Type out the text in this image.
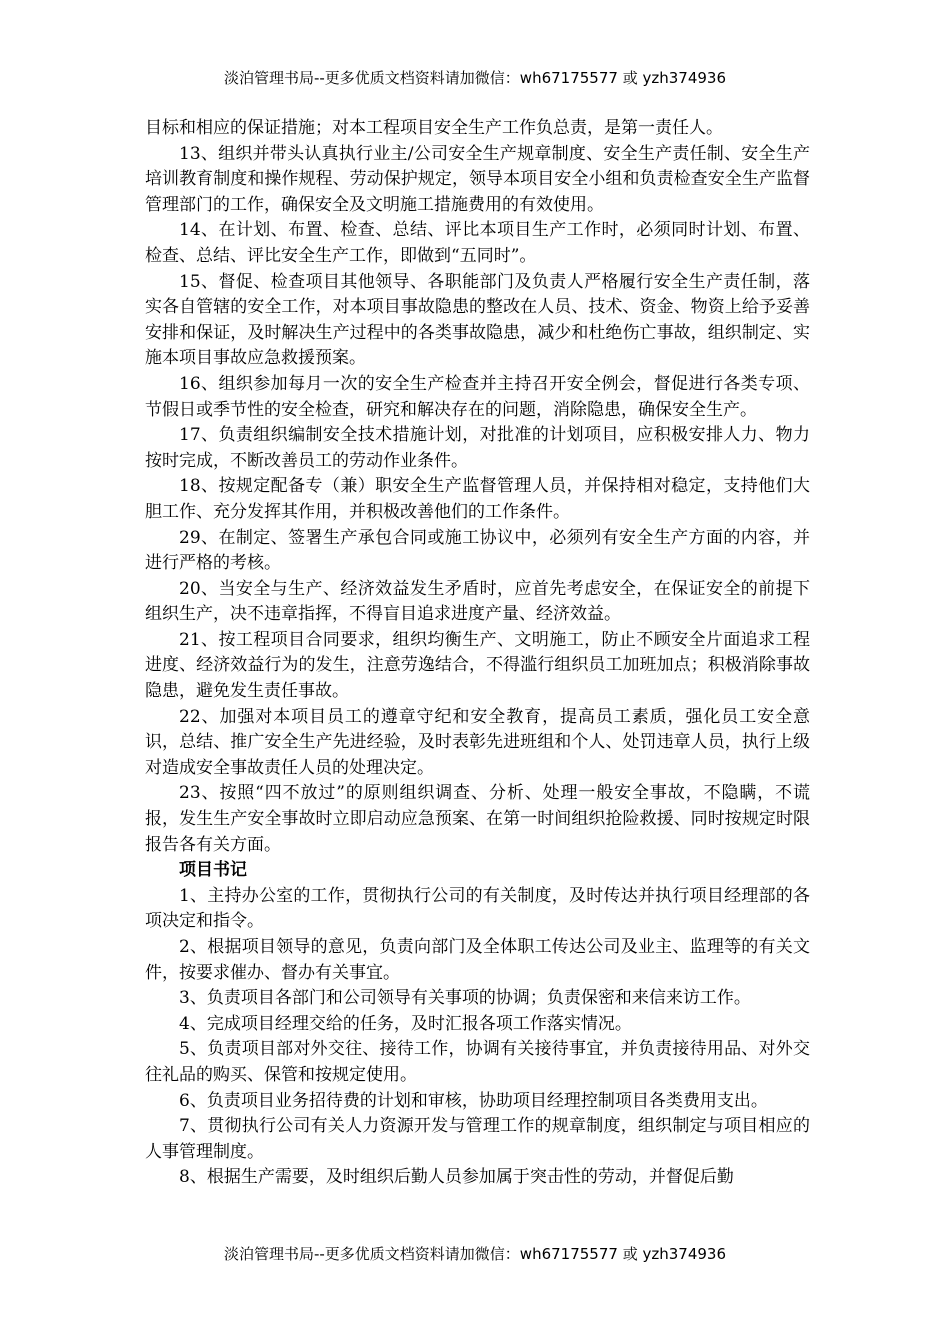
淡泊管理书局--更多优质文档资料请加微信：wh67175577 或 yzh374936

目标和相应的保证措施；对本工程项目安全生产工作负总责，是第一责任人。

13、组织并带头认真执行业主/公司安全生产规章制度、安全生产责任制、安全生产培训教育制度和操作规程、劳动保护规定，领导本项目安全小组和负责检查安全生产监督管理部门的工作，确保安全及文明施工措施费用的有效使用。

14、在计划、布置、检查、总结、评比本项目生产工作时，必须同时计划、布置、检查、总结、评比安全生产工作，即做到“五同时”。

15、督促、检查项目其他领导、各职能部门及负责人严格履行安全生产责任制，落实各自管辖的安全工作，对本项目事故隐患的整改在人员、技术、资金、物资上给予妥善安排和保证，及时解决生产过程中的各类事故隐患，减少和杜绝伤亡事故，组织制定、实施本项目事故应急救援预案。

16、组织参加每月一次的安全生产检查并主持召开安全例会，督促进行各类专项、节假日或季节性的安全检查，研究和解决存在的问题，消除隐患，确保安全生产。

17、负责组织编制安全技术措施计划，对批准的计划项目，应积极安排人力、物力按时完成，不断改善员工的劳动作业条件。

18、按规定配备专（兼）职安全生产监督管理人员，并保持相对稳定，支持他们大胆工作、充分发挥其作用，并积极改善他们的工作条件。

29、在制定、签署生产承包合同或施工协议中，必须列有安全生产方面的内容，并进行严格的考核。

20、当安全与生产、经济效益发生矛盾时，应首先考虑安全，在保证安全的前提下组织生产，决不违章指挥，不得盲目追求进度产量、经济效益。

21、按工程项目合同要求，组织均衡生产、文明施工，防止不顾安全片面追求工程进度、经济效益行为的发生，注意劳逸结合，不得滥行组织员工加班加点；积极消除事故隐患，避免发生责任事故。

22、加强对本项目员工的遵章守纪和安全教育，提高员工素质，强化员工安全意识，总结、推广安全生产先进经验，及时表彰先进班组和个人、处罚违章人员，执行上级对造成安全事故责任人员的处理决定。

23、按照“四不放过”的原则组织调查、分析、处理一般安全事故，不隐瞒，不谎报，发生生产安全事故时立即启动应急预案、在第一时间组织抢险救援、同时按规定时限报告各有关方面。

项目书记

1、主持办公室的工作，贯彻执行公司的有关制度，及时传达并执行项目经理部的各项决定和指令。

2、根据项目领导的意见，负责向部门及全体职工传达公司及业主、监理等的有关文件，按要求催办、督办有关事宜。

3、负责项目各部门和公司领导有关事项的协调；负责保密和来信来访工作。

4、完成项目经理交给的任务，及时汇报各项工作落实情况。

5、负责项目部对外交往、接待工作，协调有关接待事宜，并负责接待用品、对外交往礼品的购买、保管和按规定使用。

6、负责项目业务招待费的计划和审核，协助项目经理控制项目各类费用支出。

7、贯彻执行公司有关人力资源开发与管理工作的规章制度，组织制定与项目相应的人事管理制度。

8、根据生产需要，及时组织后勤人员参加属于突击性的劳动，并督促后勤

淡泊管理书局--更多优质文档资料请加微信：wh67175577 或 yzh374936
